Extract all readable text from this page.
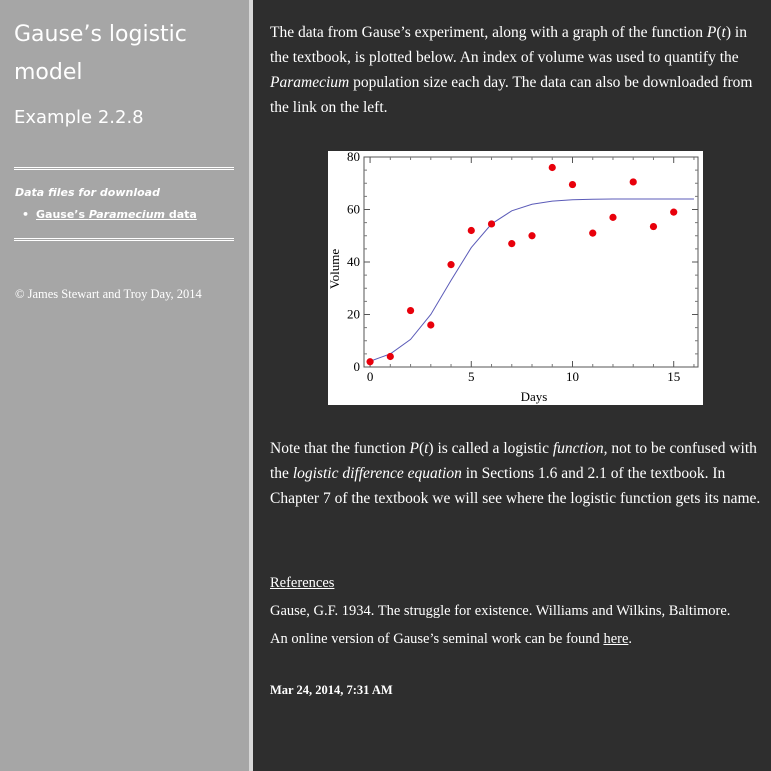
Gause’s logistic model
Example 2.2.8
Data files for download
• Gause’s Paramecium data
© James Stewart and Troy Day, 2014

The data from Gause’s experiment, along with a graph of the function P(t) in the textbook, is plotted below. An index of volume was used to quantify the Paramecium population size each day. The data can also be downloaded from the link on the left.

0	5	10	15
0
20
40
60
80
Days
Volume

Note that the function P(t) is called a logistic function, not to be confused with the logistic difference equation in Sections 1.6 and 2.1 of the textbook. In Chapter 7 of the textbook we will see where the logistic function gets its name.

References
Gause, G.F. 1934. The struggle for existence. Williams and Wilkins, Baltimore.
An online version of Gause’s seminal work can be found here.
Mar 24, 2014, 7:31 AM
